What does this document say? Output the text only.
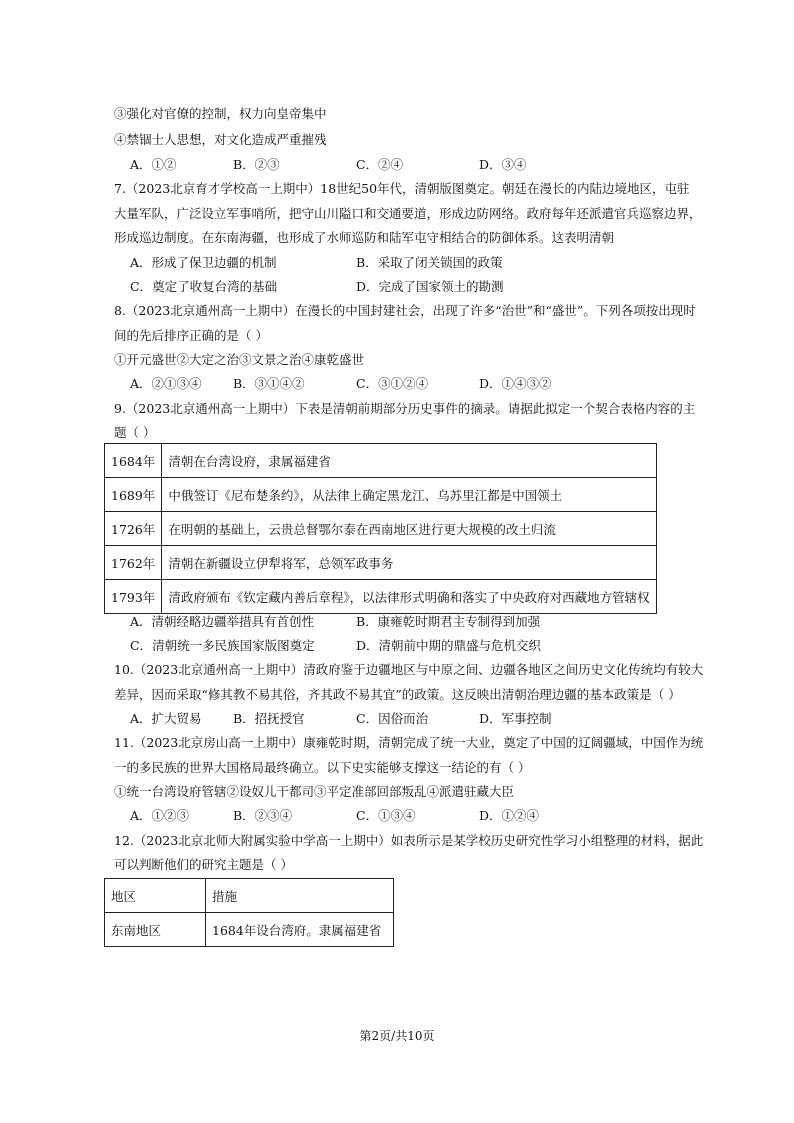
③强化对官僚的控制，权力向皇帝集中
④禁锢士人思想，对文化造成严重摧残
A．①②	B．②③	C．②④	D．③④
7.（2023北京育才学校高一上期中）18世纪50年代，清朝版图奠定。朝廷在漫长的内陆边境地区，屯驻
大量军队，广泛设立军事哨所，把守山川隘口和交通要道，形成边防网络。政府每年还派遣官兵巡察边界，
形成巡边制度。在东南海疆，也形成了水师巡防和陆军屯守相结合的防御体系。这表明清朝
A．形成了保卫边疆的机制	B．采取了闭关锁国的政策
C．奠定了收复台湾的基础	D．完成了国家领土的勘测
8.（2023北京通州高一上期中）在漫长的中国封建社会，出现了许多“治世”和“盛世”。下列各项按出现时
间的先后排序正确的是（ ）
①开元盛世②大定之治③文景之治④康乾盛世
A．②①③④	B．③①④②	C．③①②④	D．①④③②
9.（2023北京通州高一上期中）下表是清朝前期部分历史事件的摘录。请据此拟定一个契合表格内容的主
题（ ）
1684年	清朝在台湾设府，隶属福建省
1689年	中俄签订《尼布楚条约》，从法律上确定黑龙江、乌苏里江都是中国领土
1726年	在明朝的基础上，云贵总督鄂尔泰在西南地区进行更大规模的改土归流
1762年	清朝在新疆设立伊犁将军，总领军政事务
1793年	清政府颁布《钦定藏内善后章程》，以法律形式明确和落实了中央政府对西藏地方管辖权
A．清朝经略边疆举措具有首创性	B．康雍乾时期君主专制得到加强
C．清朝统一多民族国家版图奠定	D．清朝前中期的鼎盛与危机交织
10.（2023北京通州高一上期中）清政府鉴于边疆地区与中原之间、边疆各地区之间历史文化传统均有较大
差异，因而采取“修其教不易其俗，齐其政不易其宜”的政策。这反映出清朝治理边疆的基本政策是（ ）
A．扩大贸易	B．招抚授官	C．因俗而治	D．军事控制
11.（2023北京房山高一上期中）康雍乾时期，清朝完成了统一大业，奠定了中国的辽阔疆域，中国作为统
一的多民族的世界大国格局最终确立。以下史实能够支撑这一结论的有（ ）
①统一台湾设府管辖②设奴儿干都司③平定准部回部叛乱④派遣驻藏大臣
A．①②③	B．②③④	C．①③④	D．①②④
12.（2023北京北师大附属实验中学高一上期中）如表所示是某学校历史研究性学习小组整理的材料，据此
可以判断他们的研究主题是（ ）
地区	措施
东南地区	1684年设台湾府。隶属福建省
第2页/共10页
